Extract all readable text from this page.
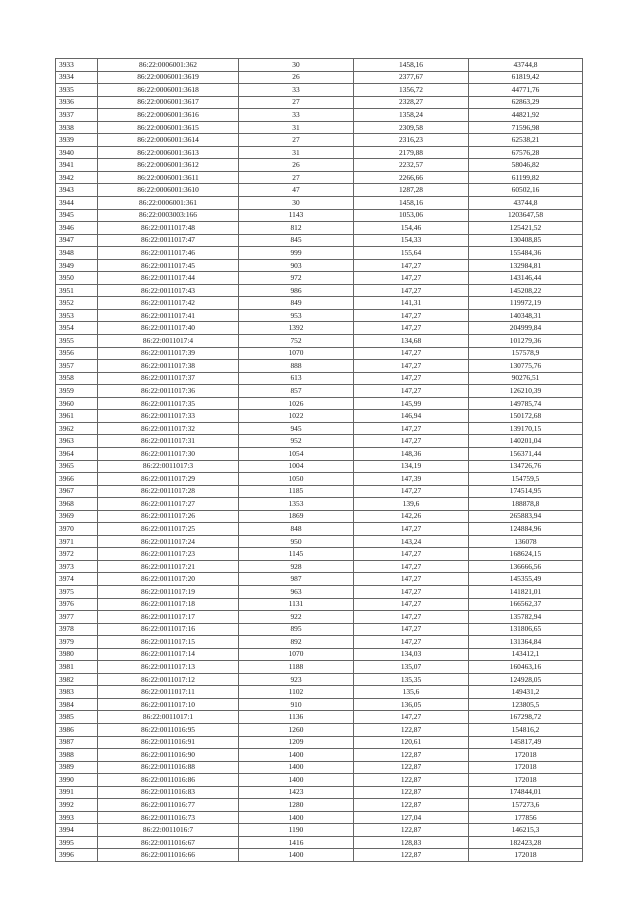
3933	86:22:0006001:362	30	1458,16	43744,8
3934	86:22:0006001:3619	26	2377,67	61819,42
3935	86:22:0006001:3618	33	1356,72	44771,76
3936	86:22:0006001:3617	27	2328,27	62863,29
3937	86:22:0006001:3616	33	1358,24	44821,92
3938	86:22:0006001:3615	31	2309,58	71596,98
3939	86:22:0006001:3614	27	2316,23	62538,21
3940	86:22:0006001:3613	31	2179,88	67576,28
3941	86:22:0006001:3612	26	2232,57	58046,82
3942	86:22:0006001:3611	27	2266,66	61199,82
3943	86:22:0006001:3610	47	1287,28	60502,16
3944	86:22:0006001:361	30	1458,16	43744,8
3945	86:22:0003003:166	1143	1053,06	1203647,58
3946	86:22:0011017:48	812	154,46	125421,52
3947	86:22:0011017:47	845	154,33	130408,85
3948	86:22:0011017:46	999	155,64	155484,36
3949	86:22:0011017:45	903	147,27	132984,81
3950	86:22:0011017:44	972	147,27	143146,44
3951	86:22:0011017:43	986	147,27	145208,22
3952	86:22:0011017:42	849	141,31	119972,19
3953	86:22:0011017:41	953	147,27	140348,31
3954	86:22:0011017:40	1392	147,27	204999,84
3955	86:22:0011017:4	752	134,68	101279,36
3956	86:22:0011017:39	1070	147,27	157578,9
3957	86:22:0011017:38	888	147,27	130775,76
3958	86:22:0011017:37	613	147,27	90276,51
3959	86:22:0011017:36	857	147,27	126210,39
3960	86:22:0011017:35	1026	145,99	149785,74
3961	86:22:0011017:33	1022	146,94	150172,68
3962	86:22:0011017:32	945	147,27	139170,15
3963	86:22:0011017:31	952	147,27	140201,04
3964	86:22:0011017:30	1054	148,36	156371,44
3965	86:22:0011017:3	1004	134,19	134726,76
3966	86:22:0011017:29	1050	147,39	154759,5
3967	86:22:0011017:28	1185	147,27	174514,95
3968	86:22:0011017:27	1353	139,6	188878,8
3969	86:22:0011017:26	1869	142,26	265883,94
3970	86:22:0011017:25	848	147,27	124884,96
3971	86:22:0011017:24	950	143,24	136078
3972	86:22:0011017:23	1145	147,27	168624,15
3973	86:22:0011017:21	928	147,27	136666,56
3974	86:22:0011017:20	987	147,27	145355,49
3975	86:22:0011017:19	963	147,27	141821,01
3976	86:22:0011017:18	1131	147,27	166562,37
3977	86:22:0011017:17	922	147,27	135782,94
3978	86:22:0011017:16	895	147,27	131806,65
3979	86:22:0011017:15	892	147,27	131364,84
3980	86:22:0011017:14	1070	134,03	143412,1
3981	86:22:0011017:13	1188	135,07	160463,16
3982	86:22:0011017:12	923	135,35	124928,05
3983	86:22:0011017:11	1102	135,6	149431,2
3984	86:22:0011017:10	910	136,05	123805,5
3985	86:22:0011017:1	1136	147,27	167298,72
3986	86:22:0011016:95	1260	122,87	154816,2
3987	86:22:0011016:91	1209	120,61	145817,49
3988	86:22:0011016:90	1400	122,87	172018
3989	86:22:0011016:88	1400	122,87	172018
3990	86:22:0011016:86	1400	122,87	172018
3991	86:22:0011016:83	1423	122,87	174844,01
3992	86:22:0011016:77	1280	122,87	157273,6
3993	86:22:0011016:73	1400	127,04	177856
3994	86:22:0011016:7	1190	122,87	146215,3
3995	86:22:0011016:67	1416	128,83	182423,28
3996	86:22:0011016:66	1400	122,87	172018
